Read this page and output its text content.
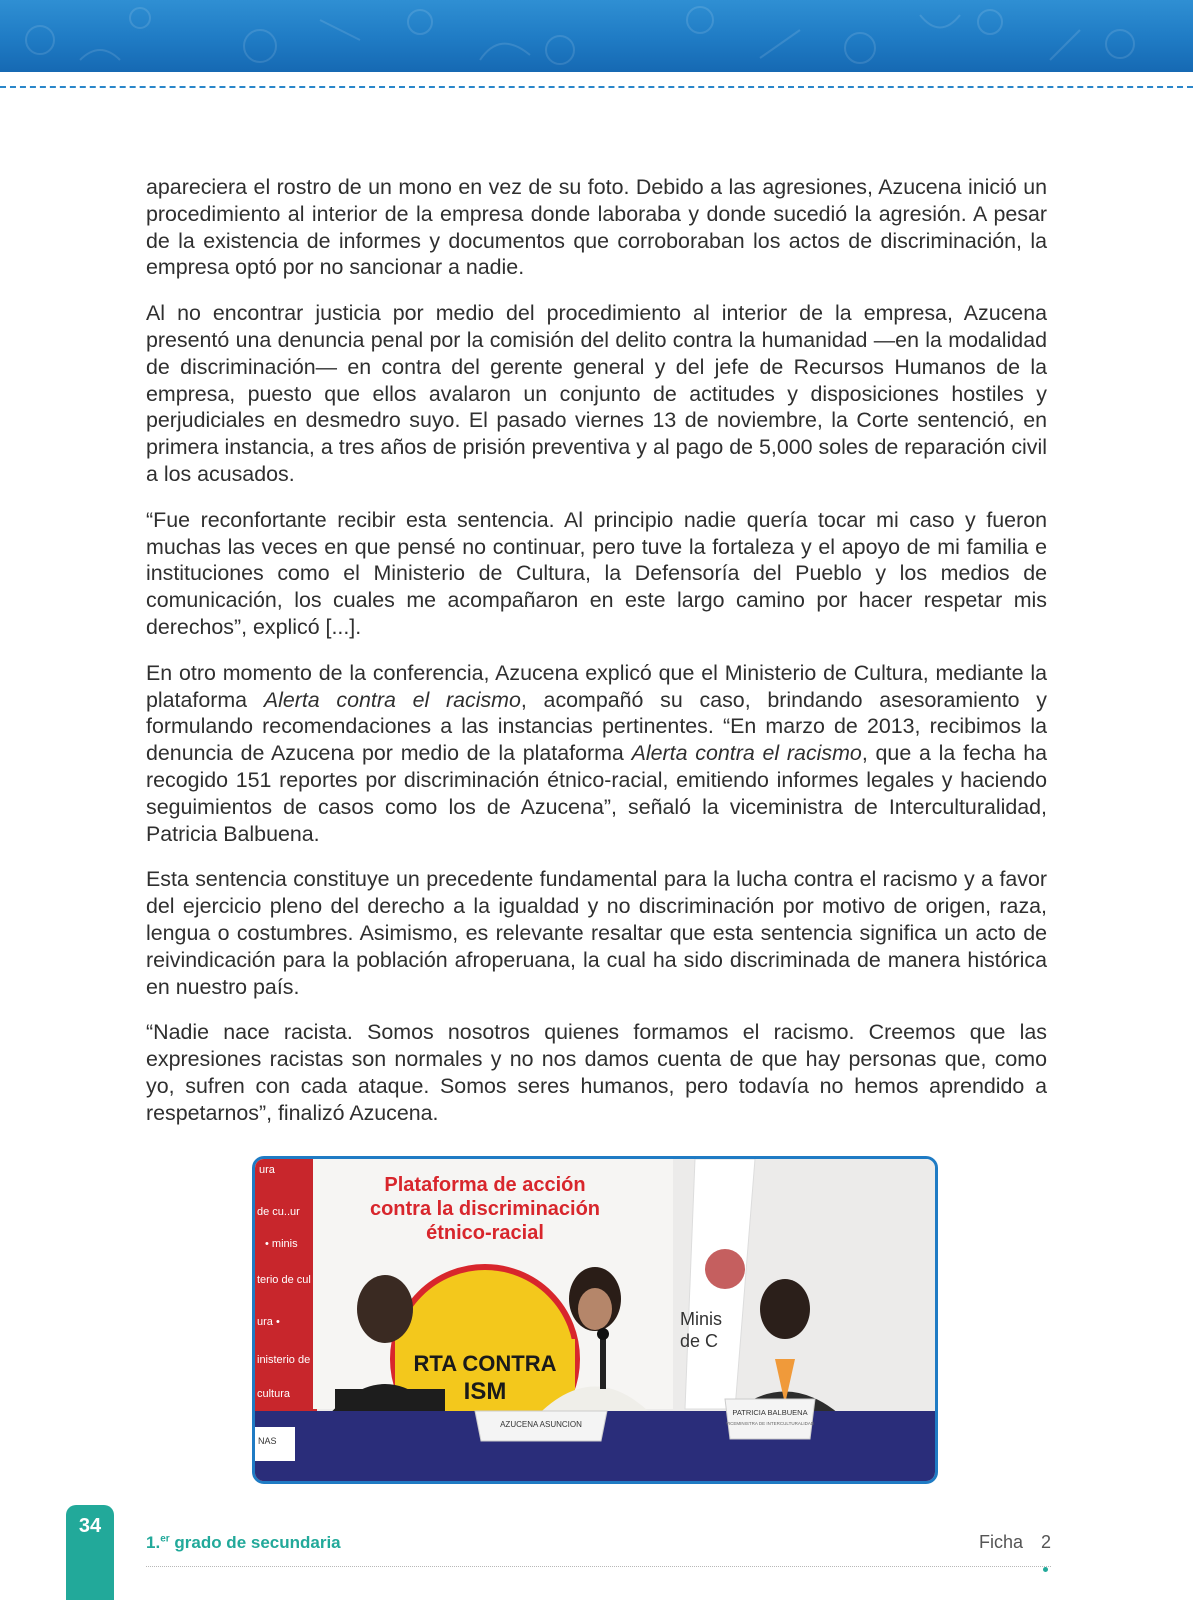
apareciera el rostro de un mono en vez de su foto. Debido a las agresiones, Azucena inició un procedimiento al interior de la empresa donde laboraba y donde sucedió la agresión. A pesar de la existencia de informes y documentos que corroboraban los actos de discriminación, la empresa optó por no sancionar a nadie.

Al no encontrar justicia por medio del procedimiento al interior de la empresa, Azucena presentó una denuncia penal por la comisión del delito contra la humanidad —en la modalidad de discriminación— en contra del gerente general y del jefe de Recursos Humanos de la empresa, puesto que ellos avalaron un conjunto de actitudes y disposiciones hostiles y perjudiciales en desmedro suyo. El pasado viernes 13 de noviembre, la Corte sentenció, en primera instancia, a tres años de prisión preventiva y al pago de 5,000 soles de reparación civil a los acusados.

“Fue reconfortante recibir esta sentencia. Al principio nadie quería tocar mi caso y fueron muchas las veces en que pensé no continuar, pero tuve la fortaleza y el apoyo de mi familia e instituciones como el Ministerio de Cultura, la Defensoría del Pueblo y los medios de comunicación, los cuales me acompañaron en este largo camino por hacer respetar mis derechos”, explicó [...].

En otro momento de la conferencia, Azucena explicó que el Ministerio de Cultura, mediante la plataforma Alerta contra el racismo, acompañó su caso, brindando asesoramiento y formulando recomendaciones a las instancias pertinentes. “En marzo de 2013, recibimos la denuncia de Azucena por medio de la plataforma Alerta contra el racismo, que a la fecha ha recogido 151 reportes por discriminación étnico-racial, emitiendo informes legales y haciendo seguimientos de casos como los de Azucena”, señaló la viceministra de Interculturalidad, Patricia Balbuena.

Esta sentencia constituye un precedente fundamental para la lucha contra el racismo y a favor del ejercicio pleno del derecho a la igualdad y no discriminación por motivo de origen, raza, lengua o costumbres. Asimismo, es relevante resaltar que esta sentencia significa un acto de reivindicación para la población afroperuana, la cual ha sido discriminada de manera histórica en nuestro país.

“Nadie nace racista. Somos nosotros quienes formamos el racismo. Creemos que las expresiones racistas son normales y no nos damos cuenta de que hay personas que, como yo, sufren con cada ataque. Somos seres humanos, pero todavía no hemos aprendido a respetarnos”, finalizó Azucena.

ura
de cu..ur
• minis
terio de cul
ura •
inisterio de
cultura
Plataforma de acción
contra la discriminación
étnico-racial
RTA CONTRA
ISM
Minis
de C
AZUCENA ASUNCION
PATRICIA BALBUENA
VICEMINISTRA DE INTERCULTURALIDAD
NAS
34
1.$^{er}$ grado de secundaria	Ficha 2
